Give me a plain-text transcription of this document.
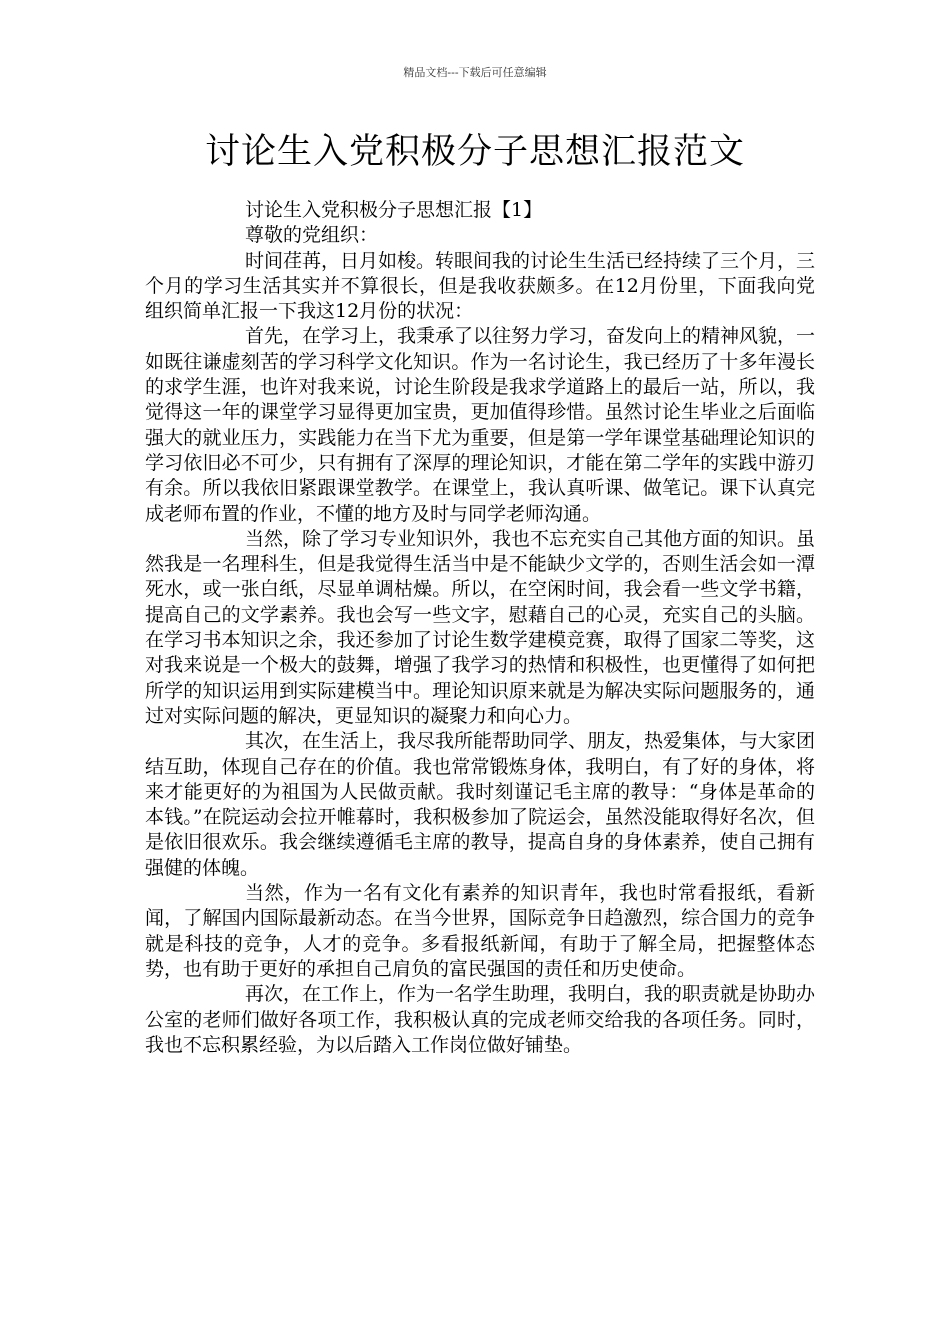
精品文档---下载后可任意编辑
讨论生入党积极分子思想汇报范文

讨论生入党积极分子思想汇报【1】

尊敬的党组织：

时间荏苒，日月如梭。转眼间我的讨论生生活已经持续了三个月，三个月的学习生活其实并不算很长，但是我收获颇多。在12月份里，下面我向党组织简单汇报一下我这12月份的状况：

首先，在学习上，我秉承了以往努力学习，奋发向上的精神风貌，一如既往谦虚刻苦的学习科学文化知识。作为一名讨论生，我已经历了十多年漫长的求学生涯，也许对我来说，讨论生阶段是我求学道路上的最后一站，所以，我觉得这一年的课堂学习显得更加宝贵，更加值得珍惜。虽然讨论生毕业之后面临强大的就业压力，实践能力在当下尤为重要，但是第一学年课堂基础理论知识的学习依旧必不可少，只有拥有了深厚的理论知识，才能在第二学年的实践中游刃有余。所以我依旧紧跟课堂教学。在课堂上，我认真听课、做笔记。课下认真完成老师布置的作业，不懂的地方及时与同学老师沟通。

当然，除了学习专业知识外，我也不忘充实自己其他方面的知识。虽然我是一名理科生，但是我觉得生活当中是不能缺少文学的，否则生活会如一潭死水，或一张白纸，尽显单调枯燥。所以，在空闲时间，我会看一些文学书籍，提高自己的文学素养。我也会写一些文字，慰藉自己的心灵，充实自己的头脑。在学习书本知识之余，我还参加了讨论生数学建模竞赛，取得了国家二等奖，这对我来说是一个极大的鼓舞，增强了我学习的热情和积极性，也更懂得了如何把所学的知识运用到实际建模当中。理论知识原来就是为解决实际问题服务的，通过对实际问题的解决，更显知识的凝聚力和向心力。

其次，在生活上，我尽我所能帮助同学、朋友，热爱集体，与大家团结互助，体现自己存在的价值。我也常常锻炼身体，我明白，有了好的身体，将来才能更好的为祖国为人民做贡献。我时刻谨记毛主席的教导：“身体是革命的本钱。”在院运动会拉开帷幕时，我积极参加了院运会，虽然没能取得好名次，但是依旧很欢乐。我会继续遵循毛主席的教导，提高自身的身体素养，使自己拥有强健的体魄。

当然，作为一名有文化有素养的知识青年，我也时常看报纸，看新闻，了解国内国际最新动态。在当今世界，国际竞争日趋激烈，综合国力的竞争就是科技的竞争，人才的竞争。多看报纸新闻，有助于了解全局，把握整体态势，也有助于更好的承担自己肩负的富民强国的责任和历史使命。

再次，在工作上，作为一名学生助理，我明白，我的职责就是协助办公室的老师们做好各项工作，我积极认真的完成老师交给我的各项任务。同时，我也不忘积累经验，为以后踏入工作岗位做好铺垫。
